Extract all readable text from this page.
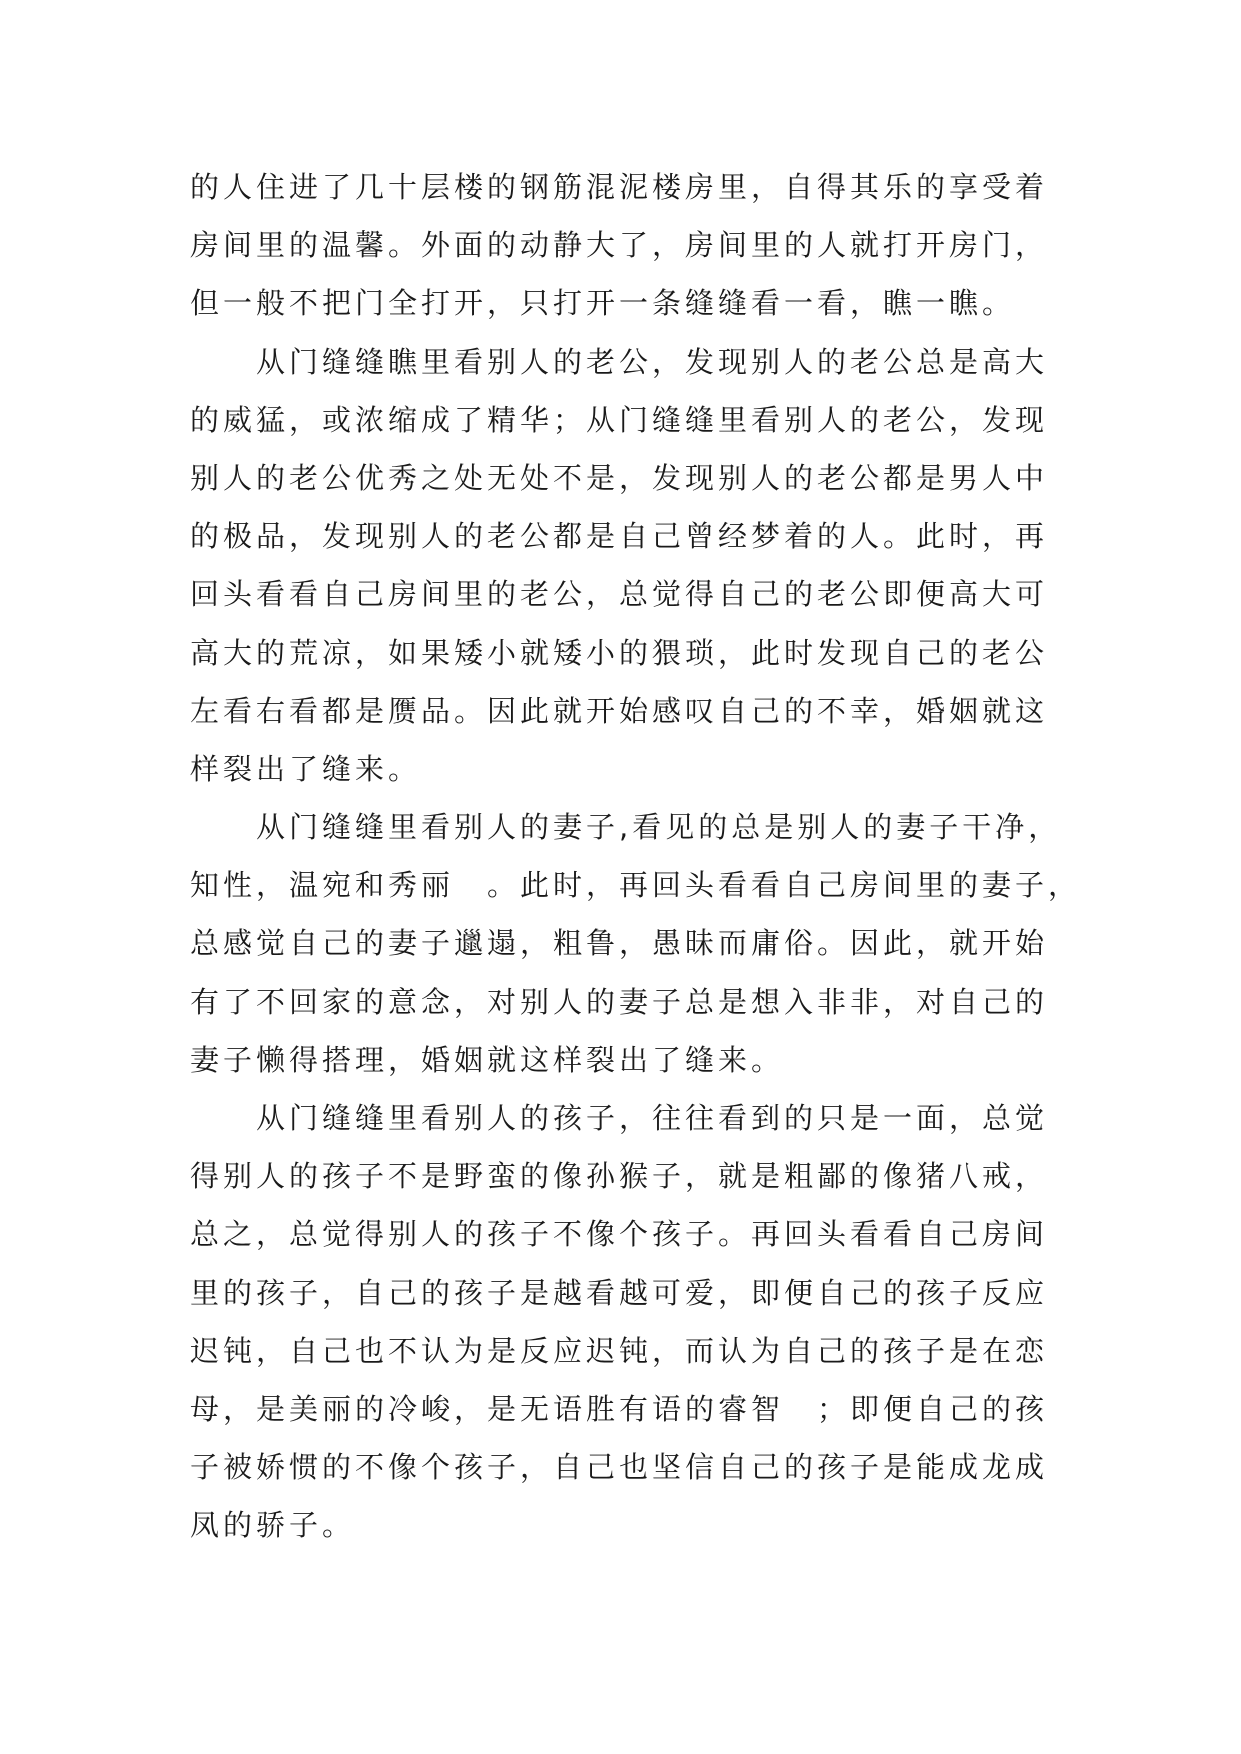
的人住进了几十层楼的钢筋混泥楼房里，自得其乐的享受着
房间里的温馨。外面的动静大了，房间里的人就打开房门，
但一般不把门全打开，只打开一条缝缝看一看，瞧一瞧。
　　从门缝缝瞧里看别人的老公，发现别人的老公总是高大
的威猛，或浓缩成了精华；从门缝缝里看别人的老公，发现
别人的老公优秀之处无处不是，发现别人的老公都是男人中
的极品，发现别人的老公都是自己曾经梦着的人。此时，再
回头看看自己房间里的老公，总觉得自己的老公即便高大可
高大的荒凉，如果矮小就矮小的猥琐，此时发现自己的老公
左看右看都是赝品。因此就开始感叹自己的不幸，婚姻就这
样裂出了缝来。
　　从门缝缝里看别人的妻子,看见的总是别人的妻子干净，
知性，温宛和秀丽　。此时，再回头看看自己房间里的妻子，
总感觉自己的妻子邋遢，粗鲁，愚昧而庸俗。因此，就开始
有了不回家的意念，对别人的妻子总是想入非非，对自己的
妻子懒得搭理，婚姻就这样裂出了缝来。
　　从门缝缝里看别人的孩子，往往看到的只是一面，总觉
得别人的孩子不是野蛮的像孙猴子，就是粗鄙的像猪八戒，
总之，总觉得别人的孩子不像个孩子。再回头看看自己房间
里的孩子，自己的孩子是越看越可爱，即便自己的孩子反应
迟钝，自己也不认为是反应迟钝，而认为自己的孩子是在恋
母，是美丽的冷峻，是无语胜有语的睿智　；即便自己的孩
子被娇惯的不像个孩子，自己也坚信自己的孩子是能成龙成
凤的骄子。
